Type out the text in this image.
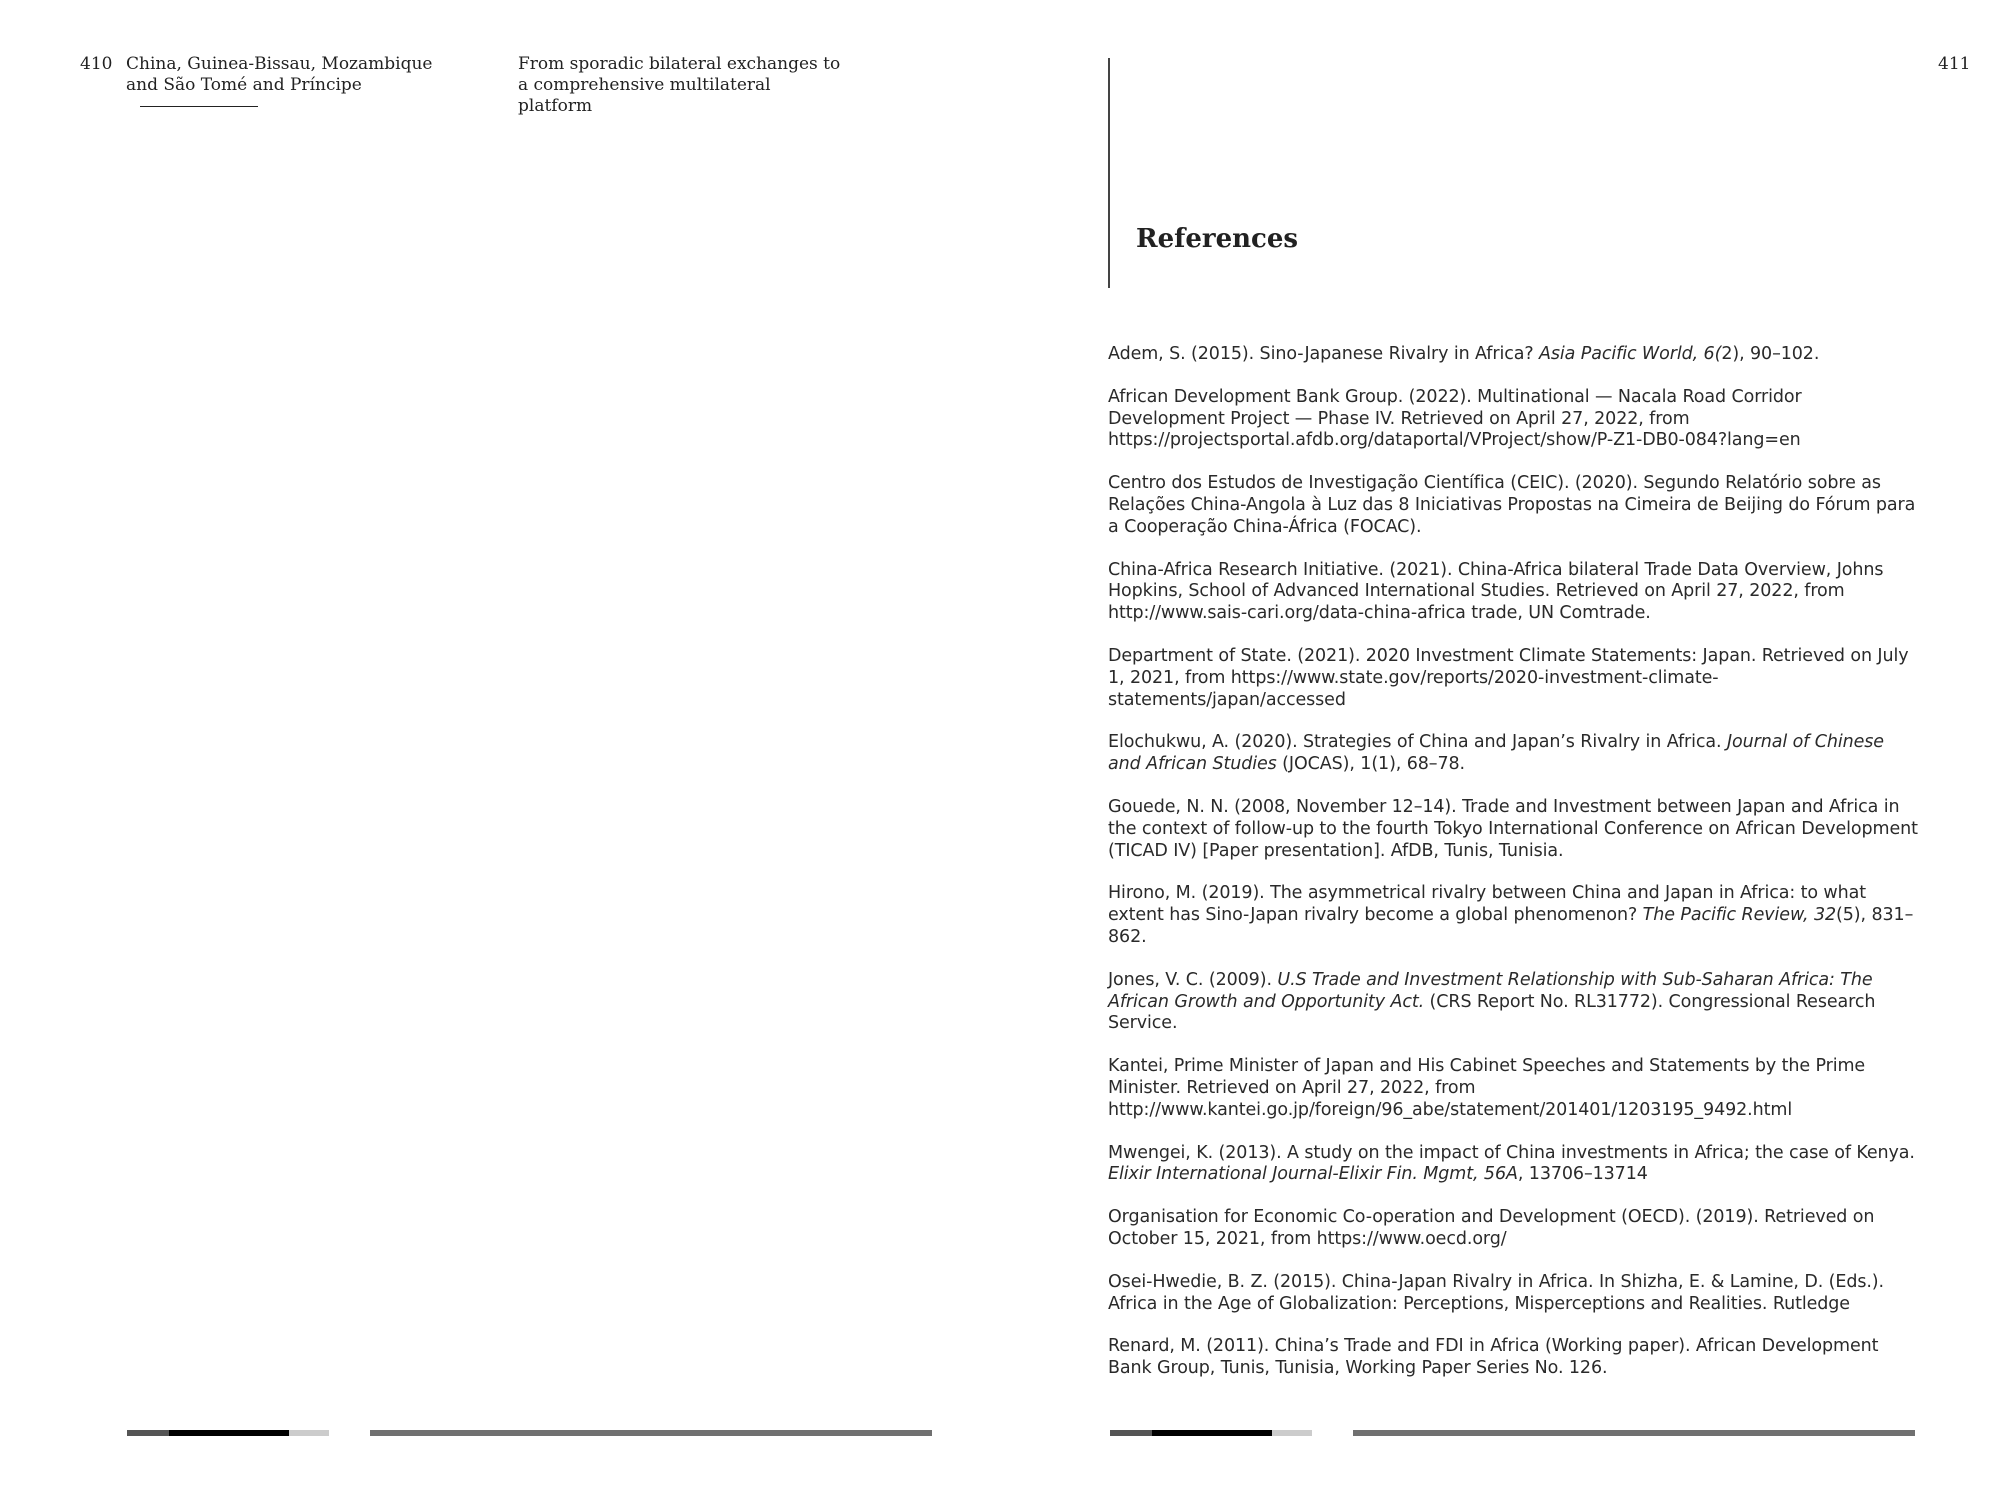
410 China, Guinea-Bissau, Mozambique and São Tomé and Príncipe
From sporadic bilateral exchanges to a comprehensive multilateral platform
411
References
Adem, S. (2015). Sino-Japanese Rivalry in Africa? Asia Pacific World, 6(2), 90–102.
African Development Bank Group. (2022). Multinational — Nacala Road Corridor Development Project — Phase IV. Retrieved on April 27, 2022, from https://projectsportal.afdb.org/dataportal/VProject/show/P-Z1-DB0-084?lang=en
Centro dos Estudos de Investigação Científica (CEIC). (2020). Segundo Relatório sobre as Relações China-Angola à Luz das 8 Iniciativas Propostas na Cimeira de Beijing do Fórum para a Cooperação China-África (FOCAC).
China-Africa Research Initiative. (2021). China-Africa bilateral Trade Data Overview, Johns Hopkins, School of Advanced International Studies. Retrieved on April 27, 2022, from http://www.sais-cari.org/data-china-africa trade, UN Comtrade.
Department of State. (2021). 2020 Investment Climate Statements: Japan. Retrieved on July 1, 2021, from https://www.state.gov/reports/2020-investment-climate-statements/japan/accessed
Elochukwu, A. (2020). Strategies of China and Japan’s Rivalry in Africa. Journal of Chinese and African Studies (JOCAS), 1(1), 68–78.
Gouede, N. N. (2008, November 12–14). Trade and Investment between Japan and Africa in the context of follow-up to the fourth Tokyo International Conference on African Development (TICAD IV) [Paper presentation]. AfDB, Tunis, Tunisia.
Hirono, M. (2019). The asymmetrical rivalry between China and Japan in Africa: to what extent has Sino-Japan rivalry become a global phenomenon? The Pacific Review, 32(5), 831–862.
Jones, V. C. (2009). U.S Trade and Investment Relationship with Sub-Saharan Africa: The African Growth and Opportunity Act. (CRS Report No. RL31772). Congressional Research Service.
Kantei, Prime Minister of Japan and His Cabinet Speeches and Statements by the Prime Minister. Retrieved on April 27, 2022, from http://www.kantei.go.jp/foreign/96_abe/statement/201401/1203195_9492.html
Mwengei, K. (2013). A study on the impact of China investments in Africa; the case of Kenya. Elixir International Journal-Elixir Fin. Mgmt, 56A, 13706–13714
Organisation for Economic Co-operation and Development (OECD). (2019). Retrieved on October 15, 2021, from https://www.oecd.org/
Osei-Hwedie, B. Z. (2015). China-Japan Rivalry in Africa. In Shizha, E. & Lamine, D. (Eds.). Africa in the Age of Globalization: Perceptions, Misperceptions and Realities. Rutledge
Renard, M. (2011). China’s Trade and FDI in Africa (Working paper). African Development Bank Group, Tunis, Tunisia, Working Paper Series No. 126.
